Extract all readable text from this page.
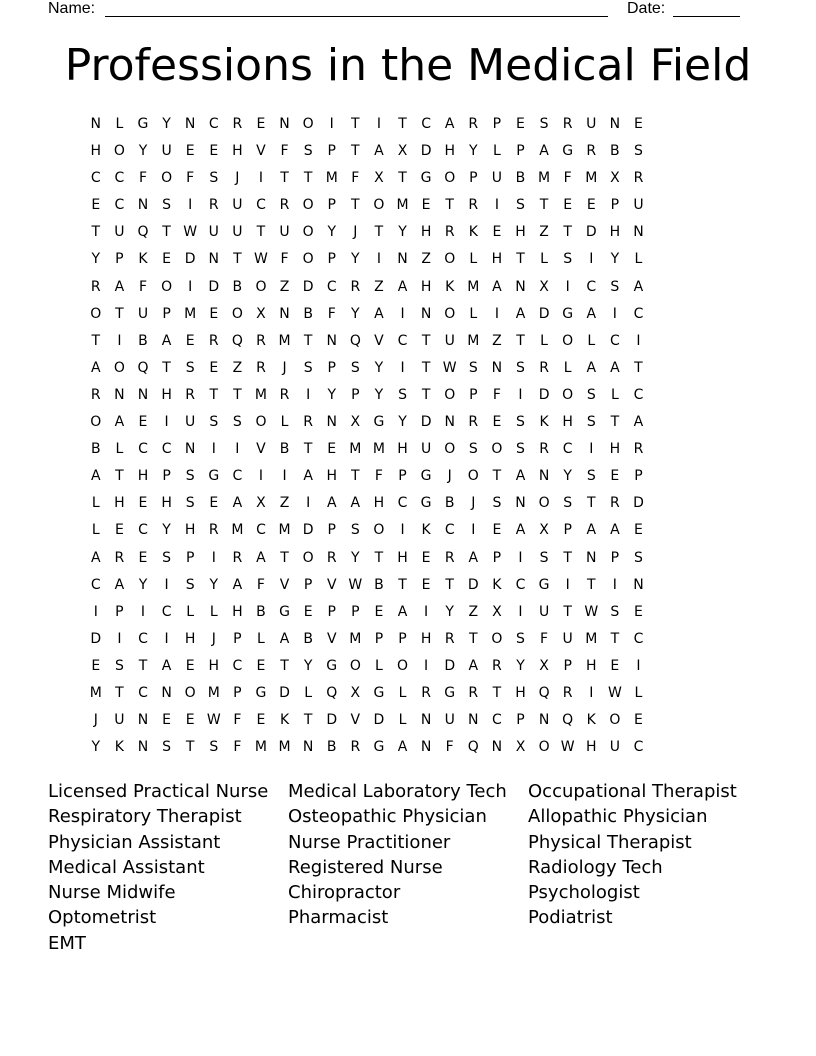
Name:	Date:
Professions in the Medical Field
N	L	G Y	N C R	E N O	I	T	I	T	C A R	P	E	S	R U N E
H O Y	U	E	E H V	F	S	P	T	A	X D H	Y	L	P	A G R B	S
C C	F	O	F	S	J	I	T	T M F	X	T G O P	U B M F M X R
E	C N S	I	R U C R O P	T O M E	T	R	I	S	T	E	E	P	U
T	U Q T W U U	T	U O Y	J	T	Y	H R	K	E H Z	T D H N
Y	P	K	E D N	T W F	O P	Y	I	N Z O	L	H	T	L	S	I	Y	L
R A	F	O	I	D B O Z D C R Z	A H K M A N X	I	C	S	A
O T	U	P M E O X N B	F	Y	A	I	N O	L	I	A D G A	I	C
T	I	B	A	E	R Q R M T	N Q V C	T	U M Z	T	L	O	L	C	I
A O Q T	S	E	Z R	J	S	P	S	Y	I	T W S N S	R	L	A	A	T
R N N H R	T	T M R	I	Y	P	Y	S	T O P	F	I	D O S	L	C
O A	E	I	U	S	S O	L	R N X G Y D N R	E	S	K H S	T	A
B	L	C C N	I	I	V	B	T	E M M H U O S O S	R C	I	H R
A	T	H	P	S G C	I	I	A H	T	F	P G	J	O T	A N	Y	S	E	P
L	H E H S	E	A	X	Z	I	A	A H C G B	J	S N O S	T	R D
L	E	C	Y	H R M C M D P	S O	I	K	C	I	E	A	X	P	A	A	E
A R	E	S	P	I	R A	T O R	Y	T	H E	R A	P	I	S	T	N	P	S
C A	Y	I	S	Y	A	F	V	P	V W B	T	E	T D K	C G	I	T	I	N
I	P	I	C	L	L	H B G E	P	P	E	A	I	Y	Z	X	I	U	T W S	E
D	I	C	I	H	J	P	L	A	B	V M P	P	H R	T O S	F	U M T	C
E	S	T	A	E H C	E	T	Y G O	L	O	I	D A R	Y	X	P	H E	I
M T	C N O M P G D	L	Q X G	L	R G R	T	H Q R	I	W L
J	U N E	E W F	E	K	T D V D	L	N U N C	P	N Q K O E
Y	K N S	T	S	F M M N B R G A N	F	Q N X O W H U C
Licensed Practical Nurse
Respiratory Therapist
Physician Assistant
Medical Assistant
Nurse Midwife
Optometrist
EMT
Medical Laboratory Tech
Osteopathic Physician
Nurse Practitioner
Registered Nurse
Chiropractor
Pharmacist
Occupational Therapist
Allopathic Physician
Physical Therapist
Radiology Tech
Psychologist
Podiatrist
